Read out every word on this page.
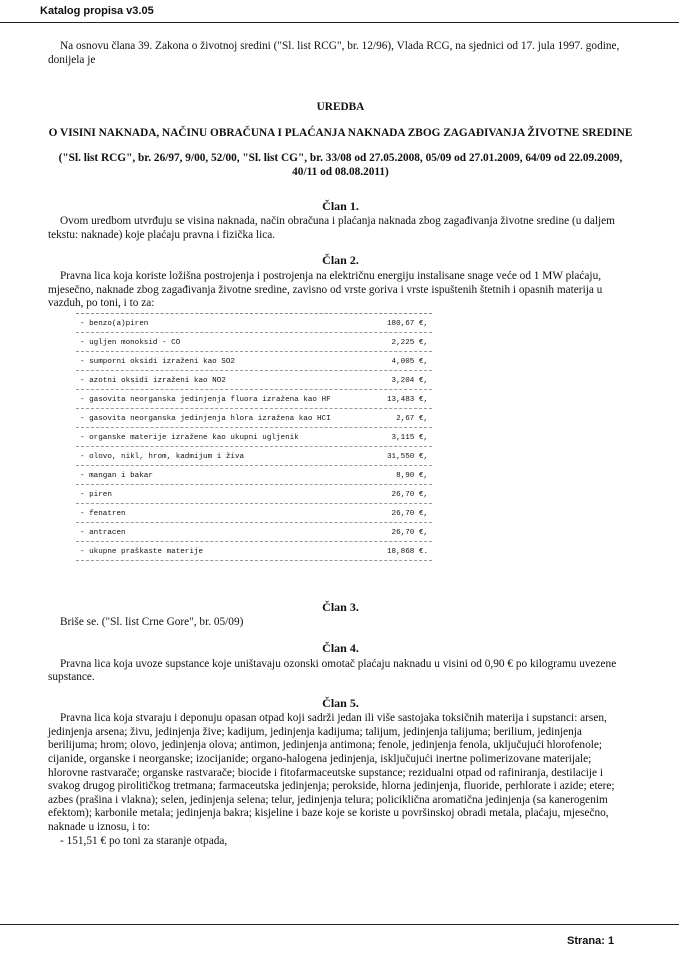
Katalog propisa v3.05

Na osnovu člana 39. Zakona o životnoj sredini ("Sl. list RCG", br. 12/96), Vlada RCG, na sjednici od 17. jula 1997. godine, donijela je

UREDBA
O VISINI NAKNADA, NAČINU OBRAČUNA I PLAĆANJA NAKNADA ZBOG ZAGAĐIVANJA ŽIVOTNE SREDINE
("Sl. list RCG", br. 26/97, 9/00, 52/00, "Sl. list CG", br. 33/08 od 27.05.2008, 05/09 od 27.01.2009, 64/09 od 22.09.2009, 40/11 od 08.08.2011)
Član 1.

Ovom uredbom utvrđuju se visina naknada, način obračuna i plaćanja naknada zbog zagađivanja životne sredine (u daljem tekstu: naknade) koje plaćaju pravna i fizička lica.

Član 2.

Pravna lica koja koriste ložišna postrojenja i postrojenja na električnu energiju instalisane snage veće od 1 MW plaćaju, mjesečno, naknade zbog zagađivanja životne sredine, zavisno od vrste goriva i vrste ispuštenih štetnih i opasnih materija u vazduh, po toni, i to za:

- benzo(a)piren	180,67 €,
- ugljen monoksid - CO	2,225 €,
- sumporni oksidi izraženi kao SO2	4,005 €,
- azotni oksidi izraženi kao NO2	3,204 €,
- gasovita neorganska jedinjenja fluora izražena kao HF	13,483 €,
- gasovita neorganska jedinjenja hlora izražena kao HCI	2,67 €,
- organske materije izražene kao ukupni ugljenik	3,115 €,
- olovo, nikl, hrom, kadmijum i živa	31,550 €,
- mangan i bakar	8,90 €,
- piren	26,70 €,
- fenatren	26,70 €,
- antracen	26,70 €,
- ukupne praškaste materije	18,868 €.
Član 3.

Briše se. ("Sl. list Crne Gore", br. 05/09)

Član 4.

Pravna lica koja uvoze supstance koje uništavaju ozonski omotač plaćaju naknadu u visini od 0,90 € po kilogramu uvezene supstance.

Član 5.

Pravna lica koja stvaraju i deponuju opasan otpad koji sadrži jedan ili više sastojaka toksičnih materija i supstanci: arsen, jedinjenja arsena; živu, jedinjenja žive; kadijum, jedinjenja kadijuma; talijum, jedinjenja talijuma; berilium, jedinjenja berilijuma; hrom; olovo, jedinjenja olova; antimon, jedinjenja antimona; fenole, jedinjenja fenola, uključujući hlorofenole; cijanide, organske i neorganske; izocijanide; organo-halogena jedinjenja, isključujući inertne polimerizovane materijale; hlorovne rastvarače; organske rastvarače; biocide i fitofarmaceutske supstance; rezidualni otpad od rafiniranja, destilacije i svakog drugog pirolitičkog tretmana; farmaceutska jedinjenja; perokside, hlorna jedinjenja, fluoride, perhlorate i azide; etere; azbes (prašina i vlakna); selen, jedinjenja selena; telur, jedinjenja telura; policiklična aromatična jedinjenja (sa kanerogenim efektom); karbonile metala; jedinjenja bakra; kisjeline i baze koje se koriste u površinskoj obradi metala, plaćaju, mjesečno, naknade u iznosu, i to:

- 151,51 € po toni za staranje otpada,

Strana: 1
